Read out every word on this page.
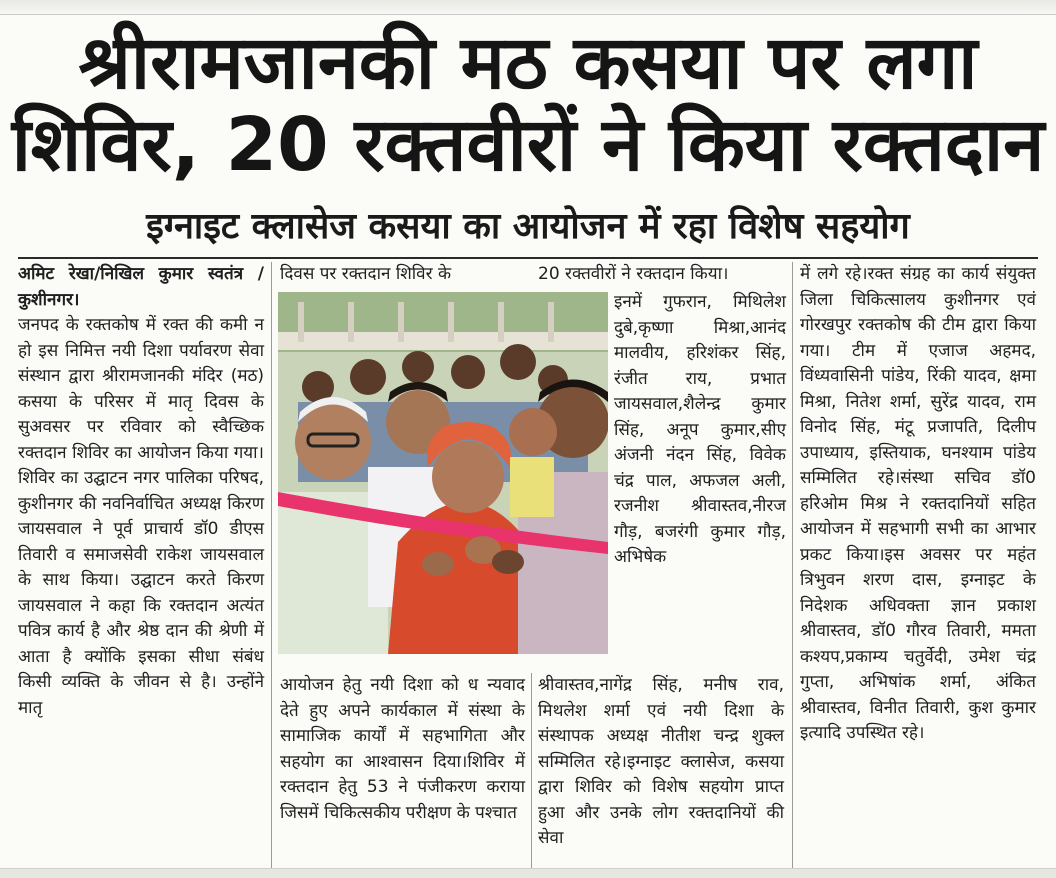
श्रीरामजानकी मठ कसया पर लगा
शिविर, 20 रक्तवीरों ने किया रक्तदान
इग्नाइट क्लासेज कसया का आयोजन में रहा विशेष सहयोग

अमिट रेखा/निखिल कुमार स्वतंत्र /कुशीनगर।

जनपद के रक्तकोष में रक्त की कमी न हो इस निमित्त नयी दिशा पर्यावरण सेवा संस्थान द्वारा श्रीरामजानकी मंदिर (मठ) कसया के परिसर में मातृ दिवस के सुअवसर पर रविवार को स्वैच्छिक रक्तदान शिविर का आयोजन किया गया। शिविर का उद्घाटन नगर पालिका परिषद, कुशीनगर की नवनिर्वाचित अध्यक्ष किरण जायसवाल ने पूर्व प्राचार्य डॉ0 डीएस तिवारी व समाजसेवी राकेश जायसवाल के साथ किया। उद्घाटन करते किरण जायसवाल ने कहा कि रक्तदान अत्यंत पवित्र कार्य है और श्रेष्ठ दान की श्रेणी में आता है क्योंकि इसका सीधा संबंध किसी व्यक्ति के जीवन से है। उन्होंने मातृ

दिवस पर रक्तदान शिविर के	20 रक्तवीरों ने रक्तदान किया।

इनमें गुफरान, मिथिलेश दुबे,कृष्णा मिश्रा,आनंद मालवीय, हरिशंकर सिंह, रंजीत राय, प्रभात जायसवाल,शैलेन्द्र कुमार सिंह, अनूप कुमार,सीए अंजनी नंदन सिंह, विवेक चंद्र पाल, अफजल अली, रजनीश श्रीवास्तव,नीरज गौड़, बजरंगी कुमार गौड़, अभिषेक

में लगे रहे।रक्त संग्रह का कार्य संयुक्त जिला चिकित्सालय कुशीनगर एवं गोरखपुर रक्तकोष की टीम द्वारा किया गया। टीम में एजाज अहमद, विंध्यवासिनी पांडेय, रिंकी यादव, क्षमा मिश्रा, नितेश शर्मा, सुरेंद्र यादव, राम विनोद सिंह, मंटू प्रजापति, दिलीप उपाध्याय, इस्तियाक, घनश्याम पांडेय सम्मिलित रहे।संस्था सचिव डॉ0 हरिओम मिश्र ने रक्तदानियों सहित आयोजन में सहभागी सभी का आभार प्रकट किया।इस अवसर पर महंत त्रिभुवन शरण दास, इग्नाइट के निदेशक अधिवक्ता ज्ञान प्रकाश श्रीवास्तव, डॉ0 गौरव तिवारी, ममता कश्यप,प्रकाम्य चतुर्वेदी, उमेश चंद्र गुप्ता, अभिषांक शर्मा, अंकित श्रीवास्तव, विनीत तिवारी, कुश कुमार इत्यादि उपस्थित रहे।

आयोजन हेतु नयी दिशा को ध न्यवाद देते हुए अपने कार्यकाल में संस्था के सामाजिक कार्यों में सहभागिता और सहयोग का आश्वासन दिया।शिविर में रक्तदान हेतु 53 ने पंजीकरण कराया जिसमें चिकित्सकीय परीक्षण के पश्चात

श्रीवास्तव,नागेंद्र सिंह, मनीष राव, मिथलेश शर्मा एवं नयी दिशा के संस्थापक अध्यक्ष नीतीश चन्द्र शुक्ल सम्मिलित रहे।इग्नाइट क्लासेज, कसया द्वारा शिविर को विशेष सहयोग प्राप्त हुआ और उनके लोग रक्तदानियों की सेवा
